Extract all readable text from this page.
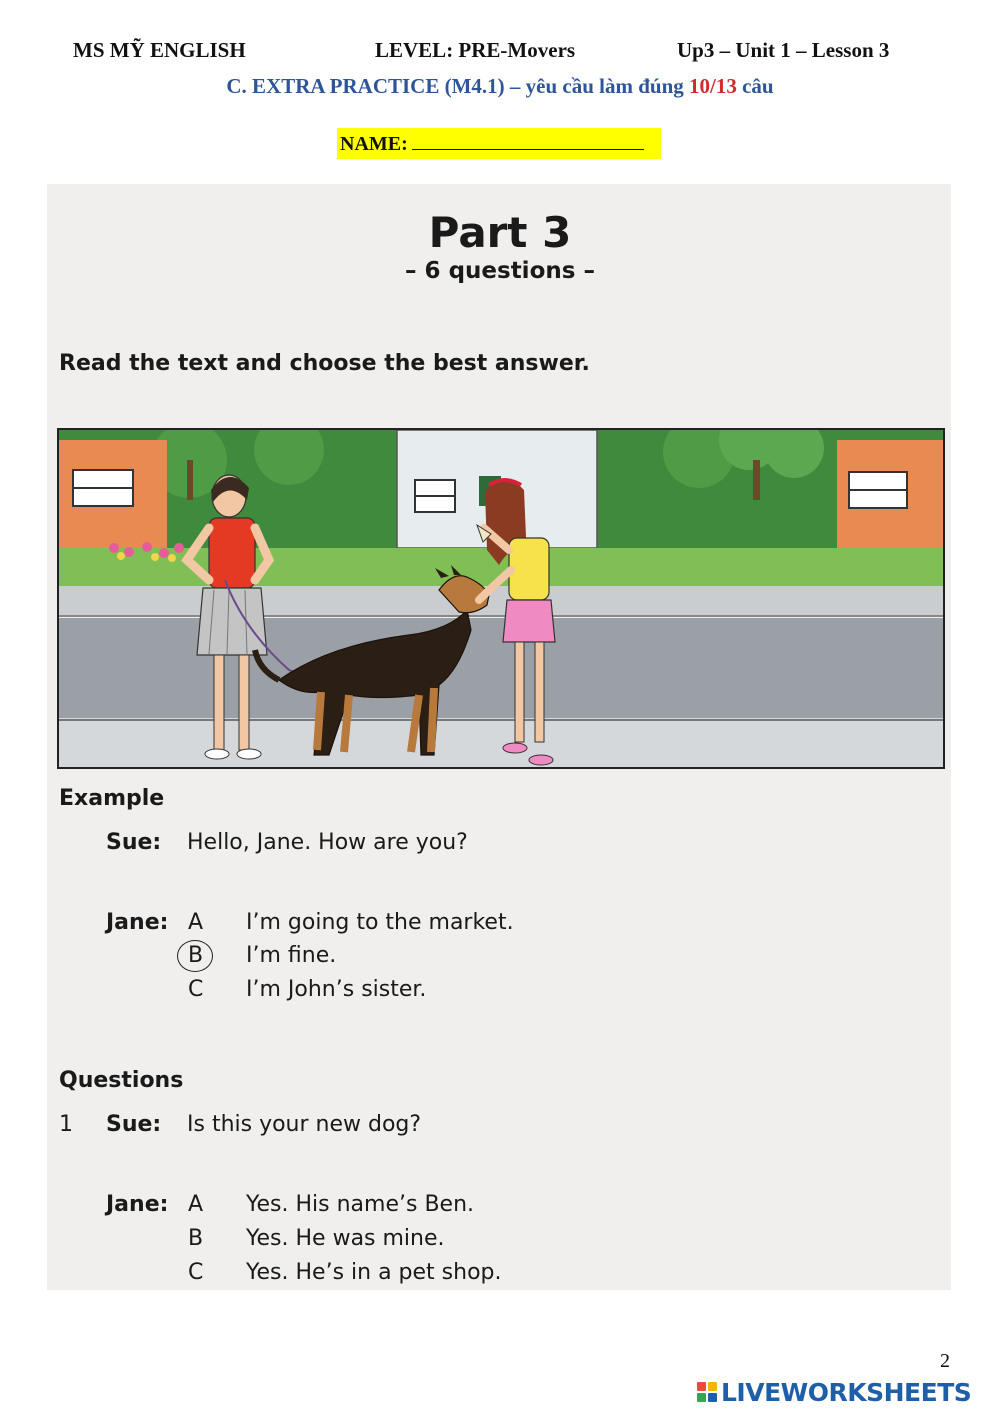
MS MỸ ENGLISH	LEVEL: PRE-Movers	Up3 – Unit 1 – Lesson 3
C. EXTRA PRACTICE (M4.1) – yêu cầu làm đúng 10/13 câu
NAME:
Part 3
– 6 questions –
Read the text and choose the best answer.
Example
Sue: Hello, Jane. How are you?
Jane: A I’m going to the market.
B I’m fine.
C I’m John’s sister.
Questions
1 Sue: Is this your new dog?
Jane: A Yes. His name’s Ben.
B Yes. He was mine.
C Yes. He’s in a pet shop.
2
LIVEWORKSHEETS
